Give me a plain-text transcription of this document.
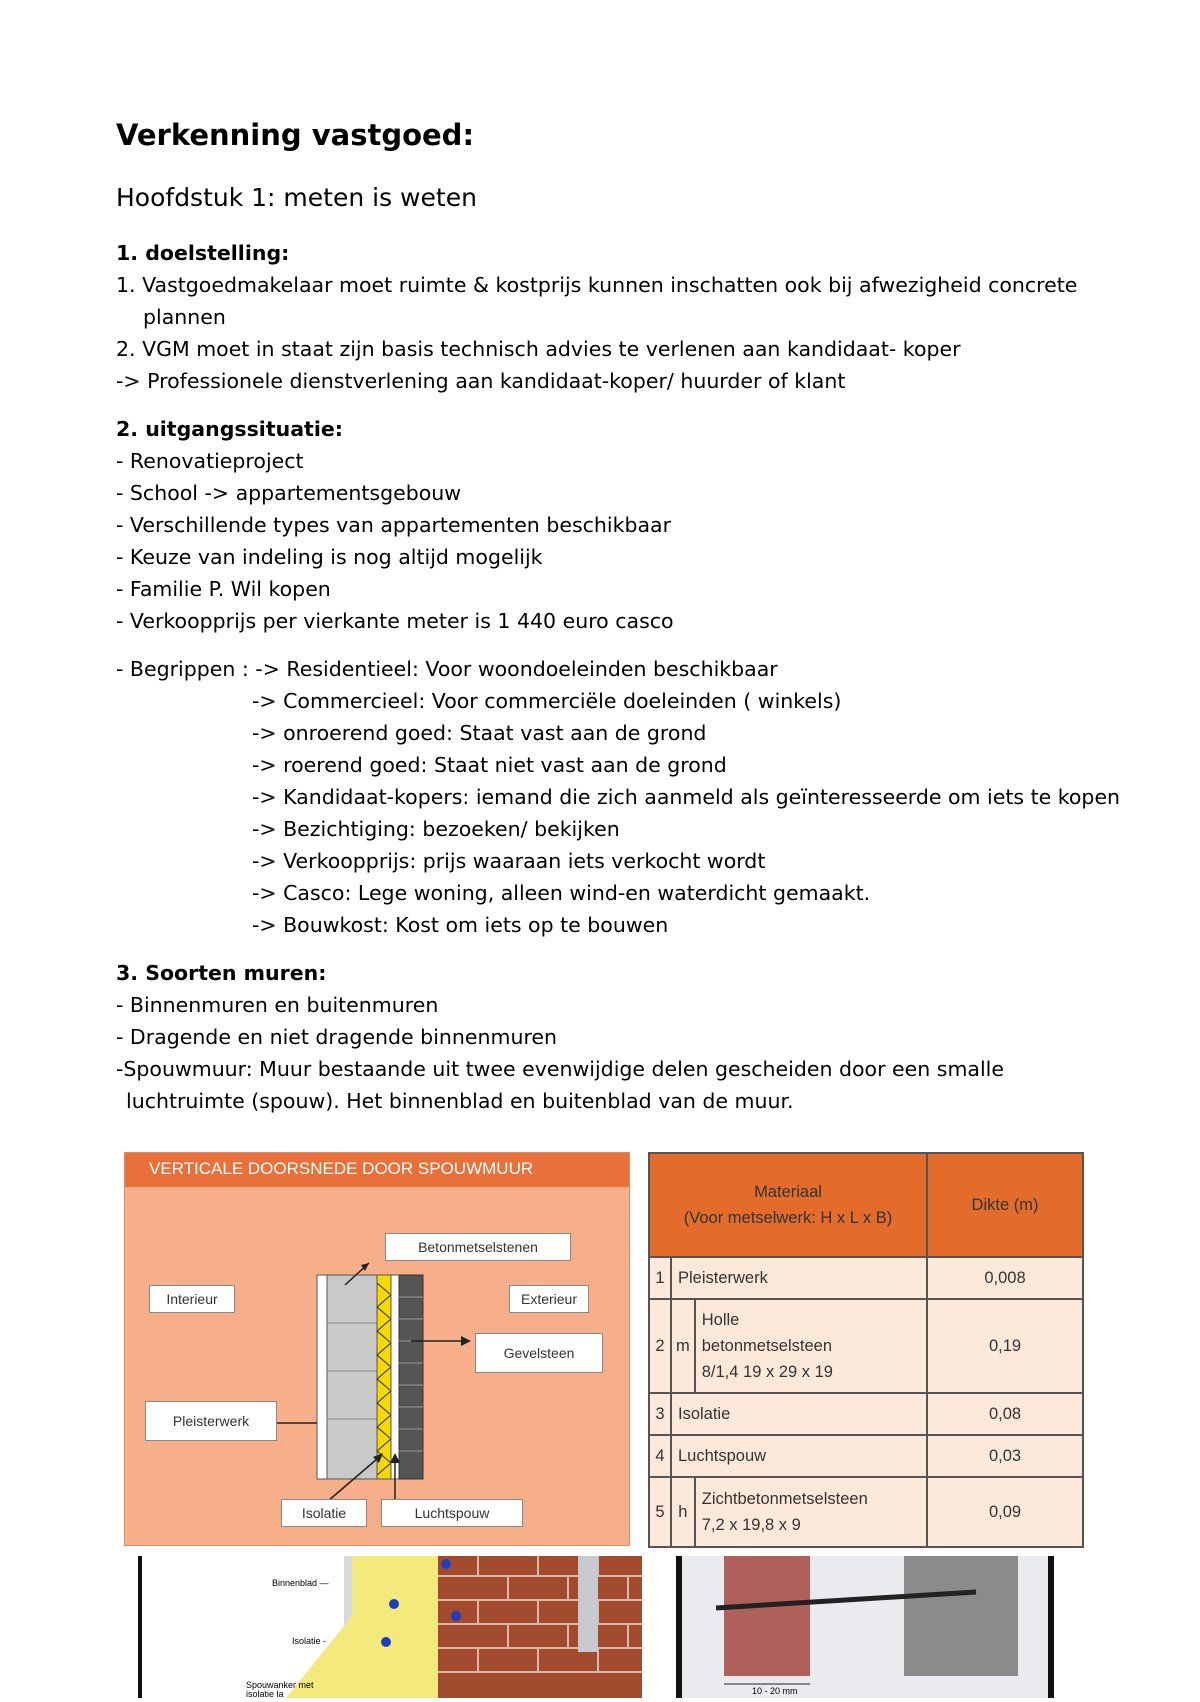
Verkenning vastgoed:
Hoofdstuk 1: meten is weten
1. doelstelling:
1. Vastgoedmakelaar moet ruimte & kostprijs kunnen inschatten ook bij afwezigheid concrete
plannen
2. VGM moet in staat zijn basis technisch advies te verlenen aan kandidaat- koper
-> Professionele dienstverlening aan kandidaat-koper/ huurder of klant
2. uitgangssituatie:
- Renovatieproject
- School -> appartementsgebouw
- Verschillende types van appartementen beschikbaar
- Keuze van indeling is nog altijd mogelijk
- Familie P. Wil kopen
- Verkoopprijs per vierkante meter is 1 440 euro casco
- Begrippen : -> Residentieel: Voor woondoeleinden beschikbaar
-> Commercieel: Voor commerciële doeleinden ( winkels)
-> onroerend goed: Staat vast aan de grond
-> roerend goed: Staat niet vast aan de grond
-> Kandidaat-kopers: iemand die zich aanmeld als geïnteresseerde om iets te kopen
-> Bezichtiging: bezoeken/ bekijken
-> Verkoopprijs: prijs waaraan iets verkocht wordt
-> Casco: Lege woning, alleen wind-en waterdicht gemaakt.
-> Bouwkost: Kost om iets op te bouwen
3. Soorten muren:
- Binnenmuren en buitenmuren
- Dragende en niet dragende binnenmuren
-Spouwmuur: Muur bestaande uit twee evenwijdige delen gescheiden door een smalle
luchtruimte (spouw). Het binnenblad en buitenblad van de muur.
VERTICALE DOORSNEDE DOOR SPOUWMUUR
Interieur	Exterieur
Betonmetselstenen
Gevelsteen
Pleisterwerk
Isolatie	Luchtspouw
Materiaal
(Voor metselwerk: H x L x B)			Dikte (m)
1	Pleisterwerk		0,008
2	m	Holle
betonmetselsteen
8/1,4 19 x 29 x 19	0,19
3	Isolatie		0,08
4	Luchtspouw		0,03
5	h	Zichtbetonmetselsteen
7,2 x 19,8 x 9	0,09
Binnenblad —
Isolatie -
Spouwanker met
isolatie la	10 - 20 mm
